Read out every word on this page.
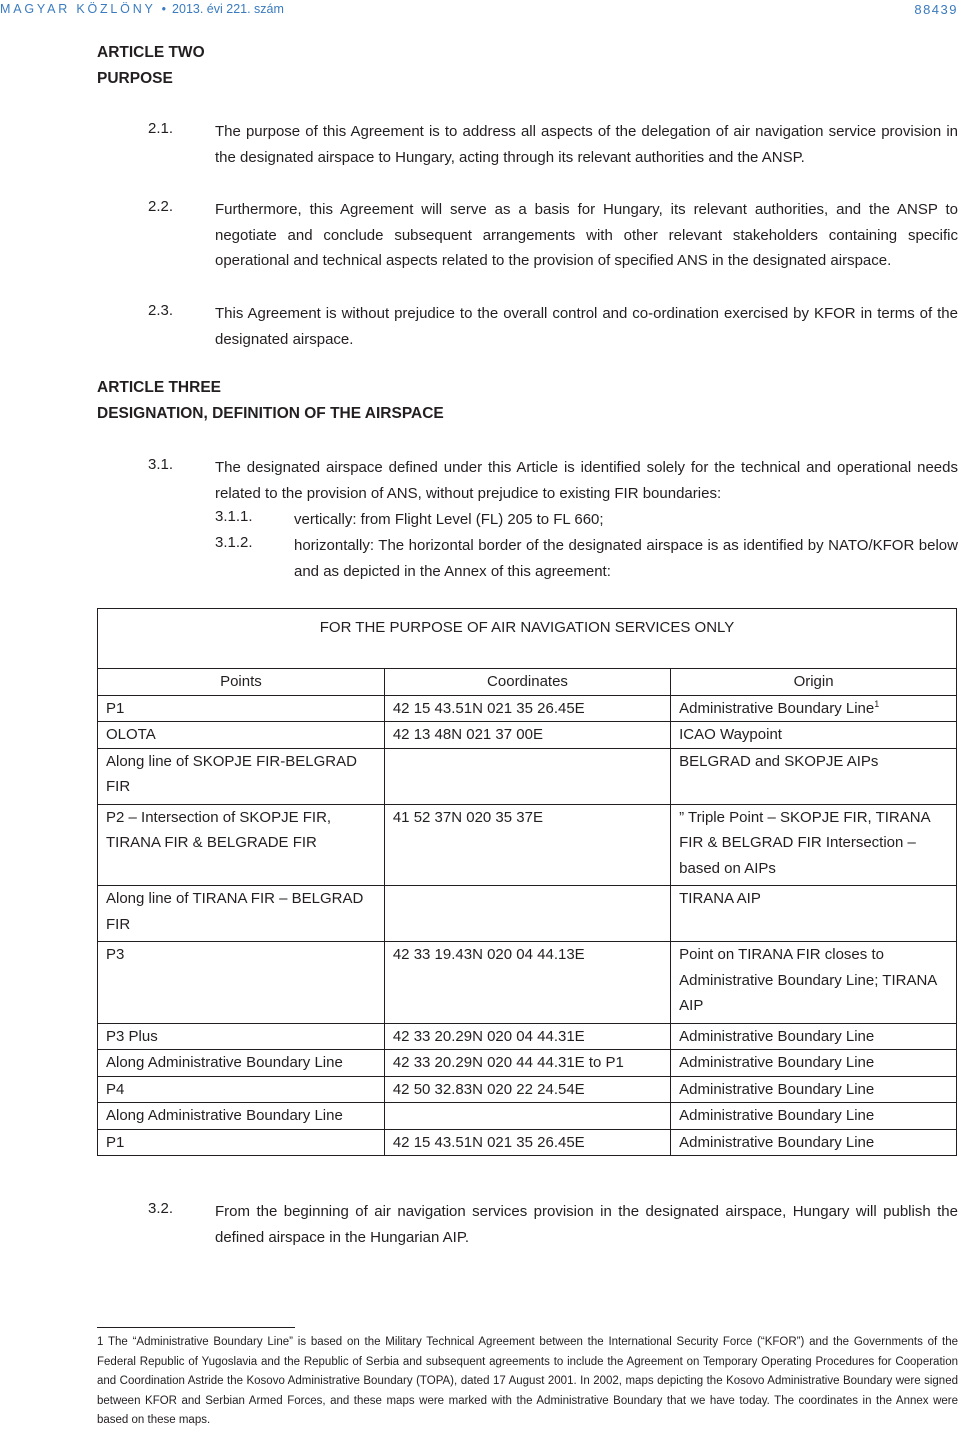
MAGYAR KÖZLÖNY • 2013. évi 221. szám	88439
ARTICLE TWO
PURPOSE
2.1.	The purpose of this Agreement is to address all aspects of the delegation of air navigation service provision in the designated airspace to Hungary, acting through its relevant authorities and the ANSP.
2.2.	Furthermore, this Agreement will serve as a basis for Hungary, its relevant authorities, and the ANSP to negotiate and conclude subsequent arrangements with other relevant stakeholders containing specific operational and technical aspects related to the provision of specified ANS in the designated airspace.
2.3.	This Agreement is without prejudice to the overall control and co-ordination exercised by KFOR in terms of the designated airspace.
ARTICLE THREE
DESIGNATION, DEFINITION OF THE AIRSPACE
3.1.	The designated airspace defined under this Article is identified solely for the technical and operational needs related to the provision of ANS, without prejudice to existing FIR boundaries:
3.1.1.	vertically: from Flight Level (FL) 205 to FL 660;
3.1.2.	horizontally: The horizontal border of the designated airspace is as identified by NATO/KFOR below and as depicted in the Annex of this agreement:
FOR THE PURPOSE OF AIR NAVIGATION SERVICES ONLY
Points	Coordinates	Origin
P1	42 15 43.51N 021 35 26.45E	Administrative Boundary Line$^1$
OLOTA	42 13 48N 021 37 00E	ICAO Waypoint
Along line of SKOPJE FIR-BELGRAD FIR		BELGRAD and SKOPJE AIPs
P2 – Intersection of SKOPJE FIR, TIRANA FIR & BELGRADE FIR	41 52 37N 020 35 37E	” Triple Point – SKOPJE FIR, TIRANA FIR & BELGRAD FIR Intersection – based on AIPs
Along line of TIRANA FIR – BELGRAD FIR		TIRANA AIP
P3	42 33 19.43N 020 04 44.13E	Point on TIRANA FIR closes to Administrative Boundary Line; TIRANA AIP
P3 Plus	42 33 20.29N 020 04 44.31E	Administrative Boundary Line
Along Administrative Boundary Line	42 33 20.29N 020 44 44.31E to P1	Administrative Boundary Line
P4	42 50 32.83N 020 22 24.54E	Administrative Boundary Line
Along Administrative Boundary Line		Administrative Boundary Line
P1	42 15 43.51N 021 35 26.45E	Administrative Boundary Line
3.2.	From the beginning of air navigation services provision in the designated airspace, Hungary will publish the defined airspace in the Hungarian AIP.
1 The “Administrative Boundary Line” is based on the Military Technical Agreement between the International Security Force (“KFOR”) and the Governments of the Federal Republic of Yugoslavia and the Republic of Serbia and subsequent agreements to include the Agreement on Temporary Operating Procedures for Cooperation and Coordination Astride the Kosovo Administrative Boundary (TOPA), dated 17 August 2001. In 2002, maps depicting the Kosovo Administrative Boundary were signed between KFOR and Serbian Armed Forces, and these maps were marked with the Administrative Boundary that we have today. The coordinates in the Annex were based on these maps.
